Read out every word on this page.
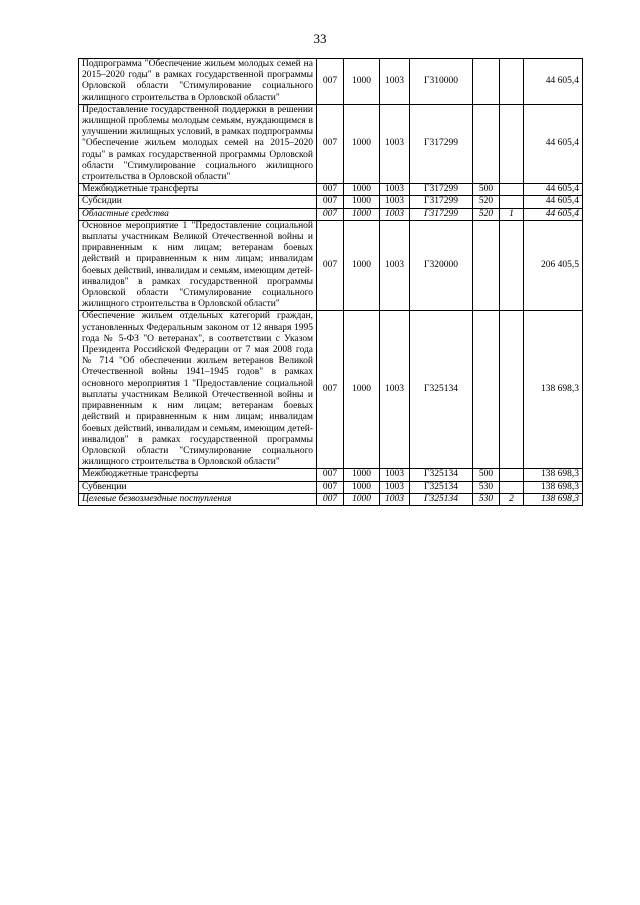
33
Подпрограмма "Обеспечение жильем молодых семей на 2015–2020 годы" в рамках государственной программы Орловской области "Стимулирование социального жилищного строительства в Орловской области"	007	1000	1003	Г310000			44 605,4
Предоставление государственной поддержки в решении жилищной проблемы молодым семьям, нуждающимся в улучшении жилищных условий, в рамках подпрограммы "Обеспечение жильем молодых семей на 2015–2020 годы" в рамках государственной программы Орловской области "Стимулирование социального жилищного строительства в Орловской области"	007	1000	1003	Г317299			44 605,4
Межбюджетные трансферты	007	1000	1003	Г317299	500		44 605,4
Субсидии	007	1000	1003	Г317299	520		44 605,4
Областные средства	007	1000	1003	Г317299	520	1	44 605,4
Основное мероприятие 1 "Предоставление социальной выплаты участникам Великой Отечественной войны и приравненным к ним лицам; ветеранам боевых действий и приравненным к ним лицам; инвалидам боевых действий, инвалидам и семьям, имеющим детей-инвалидов" в рамках государственной программы Орловской области "Стимулирование социального жилищного строительства в Орловской области"	007	1000	1003	Г320000			206 405,5
Обеспечение жильем отдельных категорий граждан, установленных Федеральным законом от 12 января 1995 года № 5-ФЗ "О ветеранах", в соответствии с Указом Президента Российской Федерации от 7 мая 2008 года № 714 "Об обеспечении жильем ветеранов Великой Отечественной войны 1941–1945 годов" в рамках основного мероприятия 1 "Предоставление социальной выплаты участникам Великой Отечественной войны и приравненным к ним лицам; ветеранам боевых действий и приравненным к ним лицам; инвалидам боевых действий, инвалидам и семьям, имеющим детей-инвалидов" в рамках государственной программы Орловской области "Стимулирование социального жилищного строительства в Орловской области"	007	1000	1003	Г325134			138 698,3
Межбюджетные трансферты	007	1000	1003	Г325134	500		138 698,3
Субвенции	007	1000	1003	Г325134	530		138 698,3
Целевые безвозмездные поступления	007	1000	1003	Г325134	530	2	138 698,3
